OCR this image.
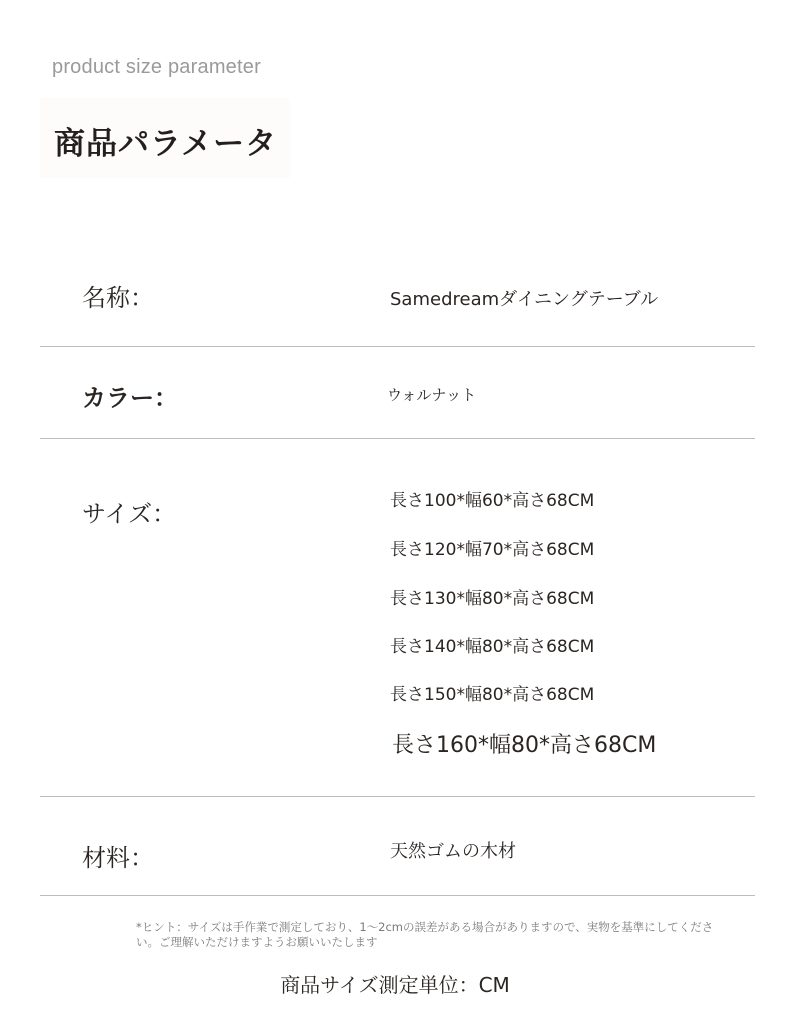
product size parameter
商品パラメータ
名称：	Samedreamダイニングテーブル
カラー：	ウォルナット
サイズ：	長さ100*幅60*高さ68CM
長さ120*幅70*高さ68CM
長さ130*幅80*高さ68CM
長さ140*幅80*高さ68CM
長さ150*幅80*高さ68CM
長さ160*幅80*高さ68CM
材料：	天然ゴムの木材
*ヒント：サイズは手作業で測定しており、1～2cmの誤差がある場合がありますので、実物を基準にしてください。ご理解いただけますようお願いいたします
商品サイズ測定単位：CM
